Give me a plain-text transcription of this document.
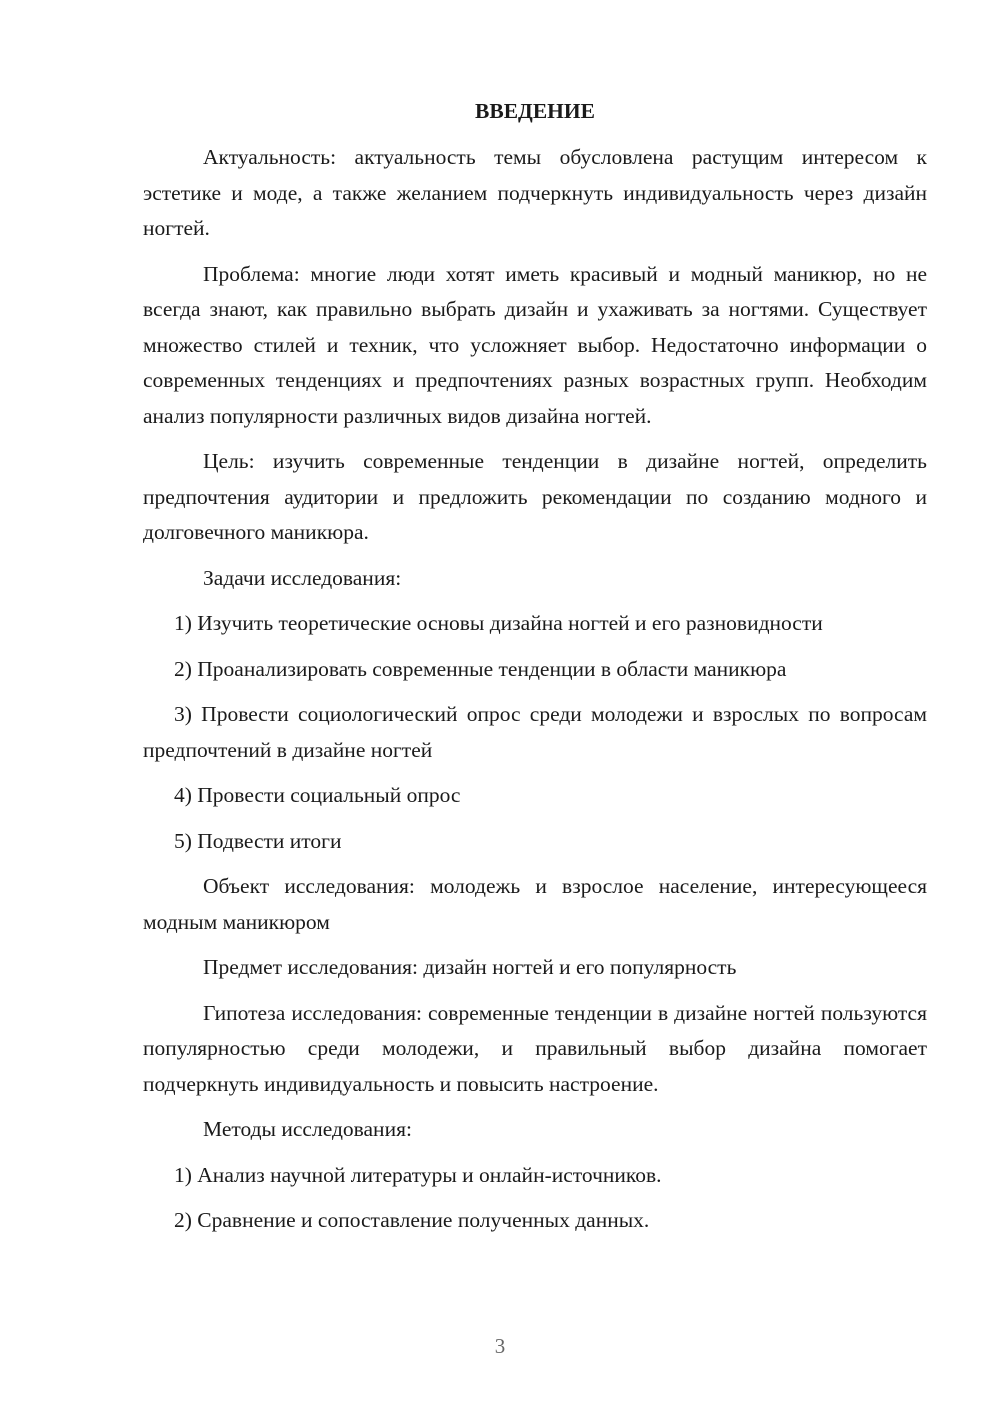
ВВЕДЕНИЕ

Актуальность: актуальность темы обусловлена растущим интересом к эстетике и моде, а также желанием подчеркнуть индивидуальность через дизайн ногтей.

Проблема: многие люди хотят иметь красивый и модный маникюр, но не всегда знают, как правильно выбрать дизайн и ухаживать за ногтями. Существует множество стилей и техник, что усложняет выбор. Недостаточно информации о современных тенденциях и предпочтениях разных возрастных групп. Необходим анализ популярности различных видов дизайна ногтей.

Цель: изучить современные тенденции в дизайне ногтей, определить предпочтения аудитории и предложить рекомендации по созданию модного и долговечного маникюра.

Задачи исследования:

1) Изучить теоретические основы дизайна ногтей и его разновидности

2) Проанализировать современные тенденции в области маникюра

3) Провести социологический опрос среди молодежи и взрослых по вопросам предпочтений в дизайне ногтей

4) Провести социальный опрос

5) Подвести итоги

Объект исследования: молодежь и взрослое население, интересующееся модным маникюром

Предмет исследования: дизайн ногтей и его популярность

Гипотеза исследования: современные тенденции в дизайне ногтей пользуются популярностью среди молодежи, и правильный выбор дизайна помогает подчеркнуть индивидуальность и повысить настроение.

Методы исследования:

1) Анализ научной литературы и онлайн-источников.

2) Сравнение и сопоставление полученных данных.

3
